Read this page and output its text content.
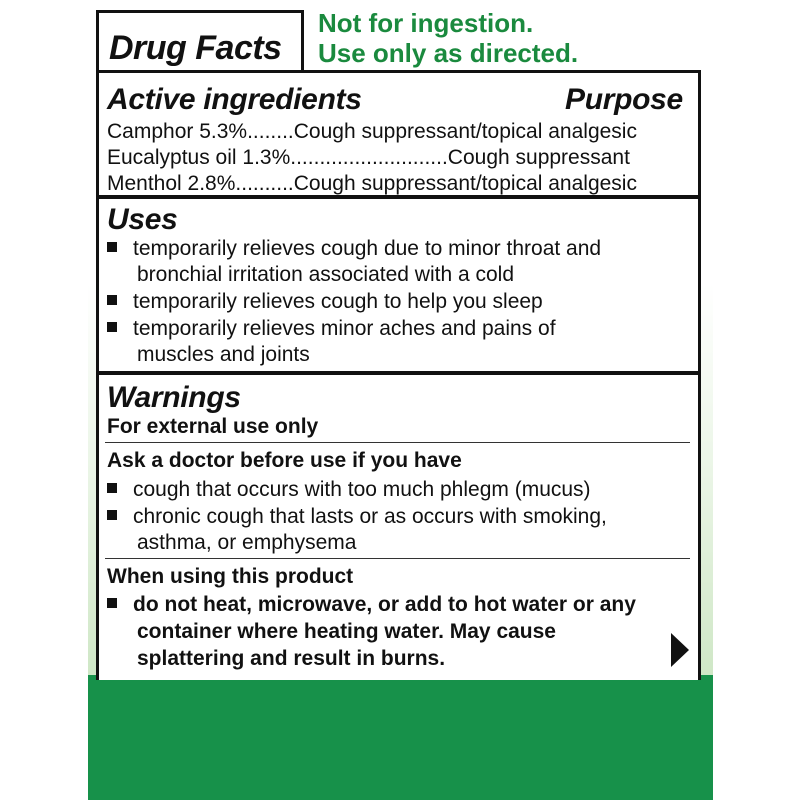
Drug Facts
Not for ingestion.
Use only as directed.
Active ingredients	Purpose
Camphor 5.3%........Cough suppressant/topical analgesic
Eucalyptus oil 1.3%...........................Cough suppressant
Menthol 2.8%..........Cough suppressant/topical analgesic
Uses
temporarily relieves cough due to minor throat and
bronchial irritation associated with a cold
temporarily relieves cough to help you sleep
temporarily relieves minor aches and pains of
muscles and joints
Warnings
For external use only
Ask a doctor before use if you have
cough that occurs with too much phlegm (mucus)
chronic cough that lasts or as occurs with smoking,
asthma, or emphysema
When using this product
do not heat, microwave, or add to hot water or any
container where heating water. May cause
splattering and result in burns.
